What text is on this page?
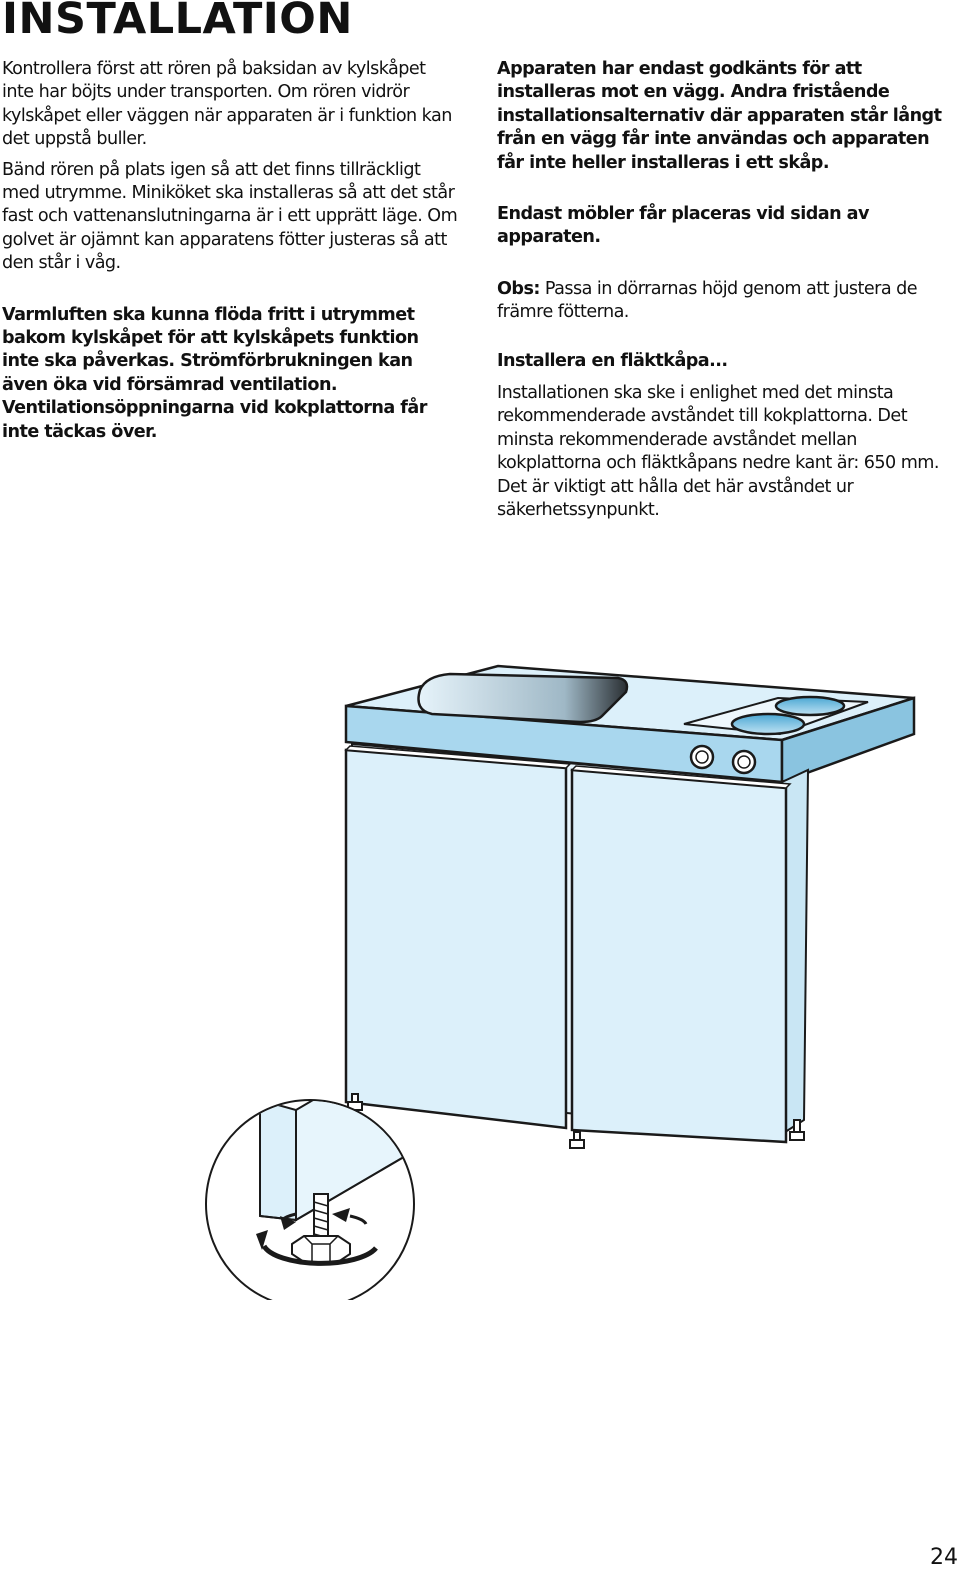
INSTALLATION

Kontrollera först att rören på baksidan av kylskåpet inte har böjts under transporten. Om rören vidrör kylskåpet eller väggen när apparaten är i funktion kan det uppstå buller.

Bänd rören på plats igen så att det finns tillräckligt med utrymme. Miniköket ska installeras så att det står fast och vattenanslutningarna är i ett upprätt läge. Om golvet är ojämnt kan apparatens fötter justeras så att den står i våg.

Varmluften ska kunna flöda fritt i utrymmet bakom kylskåpet för att kylskåpets funktion inte ska påverkas. Strömförbrukningen kan även öka vid försämrad ventilation. Ventilationsöppningarna vid kokplattorna får inte täckas över.

Apparaten har endast godkänts för att installeras mot en vägg. Andra fristående installationsalternativ där apparaten står långt från en vägg får inte användas och apparaten får inte heller installeras i ett skåp.

Endast möbler får placeras vid sidan av apparaten.

Obs: Passa in dörrarnas höjd genom att justera de främre fötterna.

Installera en fläktkåpa...

Installationen ska ske i enlighet med det minsta rekommenderade avståndet till kokplattorna. Det minsta rekommenderade avståndet mellan kokplattorna och fläktkåpans nedre kant är: 650 mm. Det är viktigt att hålla det här avståndet ur säkerhetssynpunkt.

24
